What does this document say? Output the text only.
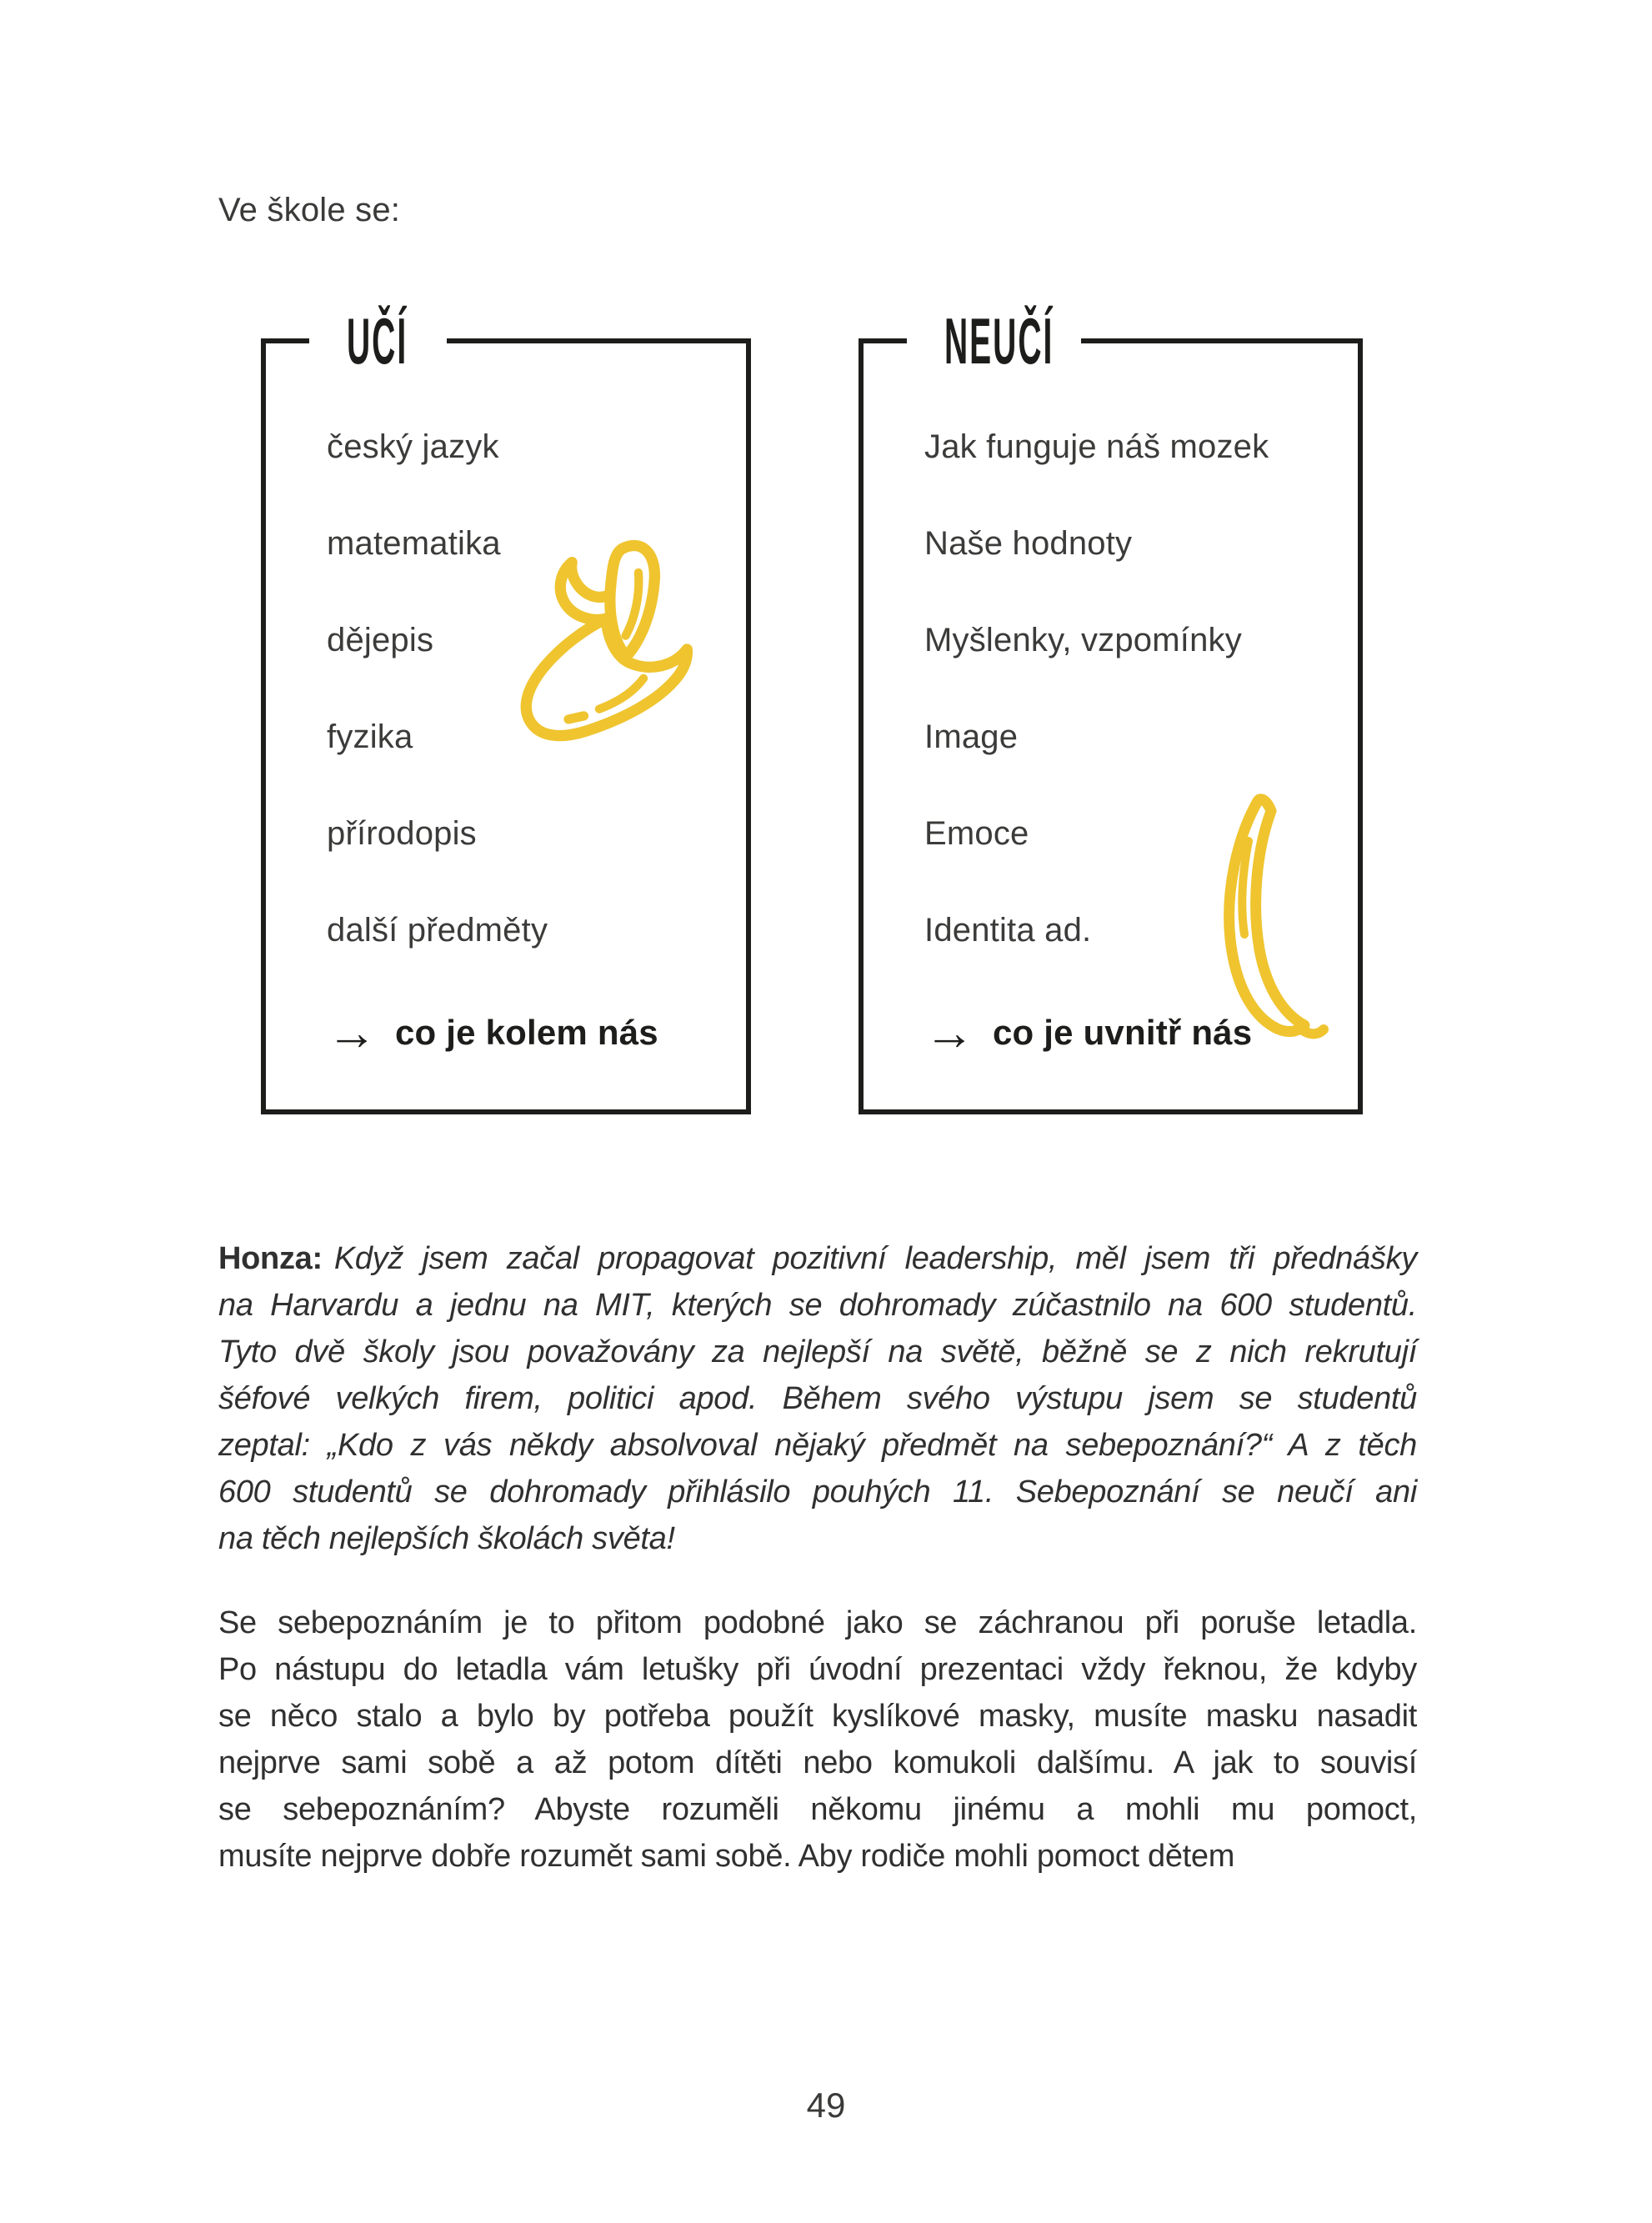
Ve škole se:
UČÍ
český jazyk
matematika
dějepis
fyzika
přírodopis
další předměty
→ co je kolem nás
NEUČÍ
Jak funguje náš mozek
Naše hodnoty
Myšlenky, vzpomínky
Image
Emoce
Identita ad.
→ co je uvnitř nás
Honza: Když jsem začal propagovat pozitivní leadership, měl jsem tři přednášky
na Harvardu a jednu na MIT, kterých se dohromady zúčastnilo na 600 studentů.
Tyto dvě školy jsou považovány za nejlepší na světě, běžně se z nich rekrutují
šéfové velkých firem, politici apod. Během svého výstupu jsem se studentů
zeptal: „Kdo z vás někdy absolvoval nějaký předmět na sebepoznání?“ A z těch
600 studentů se dohromady přihlásilo pouhých 11. Sebepoznání se neučí ani
na těch nejlepších školách světa!
Se sebepoznáním je to přitom podobné jako se záchranou při poruše letadla.
Po nástupu do letadla vám letušky při úvodní prezentaci vždy řeknou, že kdyby
se něco stalo a bylo by potřeba použít kyslíkové masky, musíte masku nasadit
nejprve sami sobě a až potom dítěti nebo komukoli dalšímu. A jak to souvisí
se sebepoznáním? Abyste rozuměli někomu jinému a mohli mu pomoct,
musíte nejprve dobře rozumět sami sobě. Aby rodiče mohli pomoct dětem
49
